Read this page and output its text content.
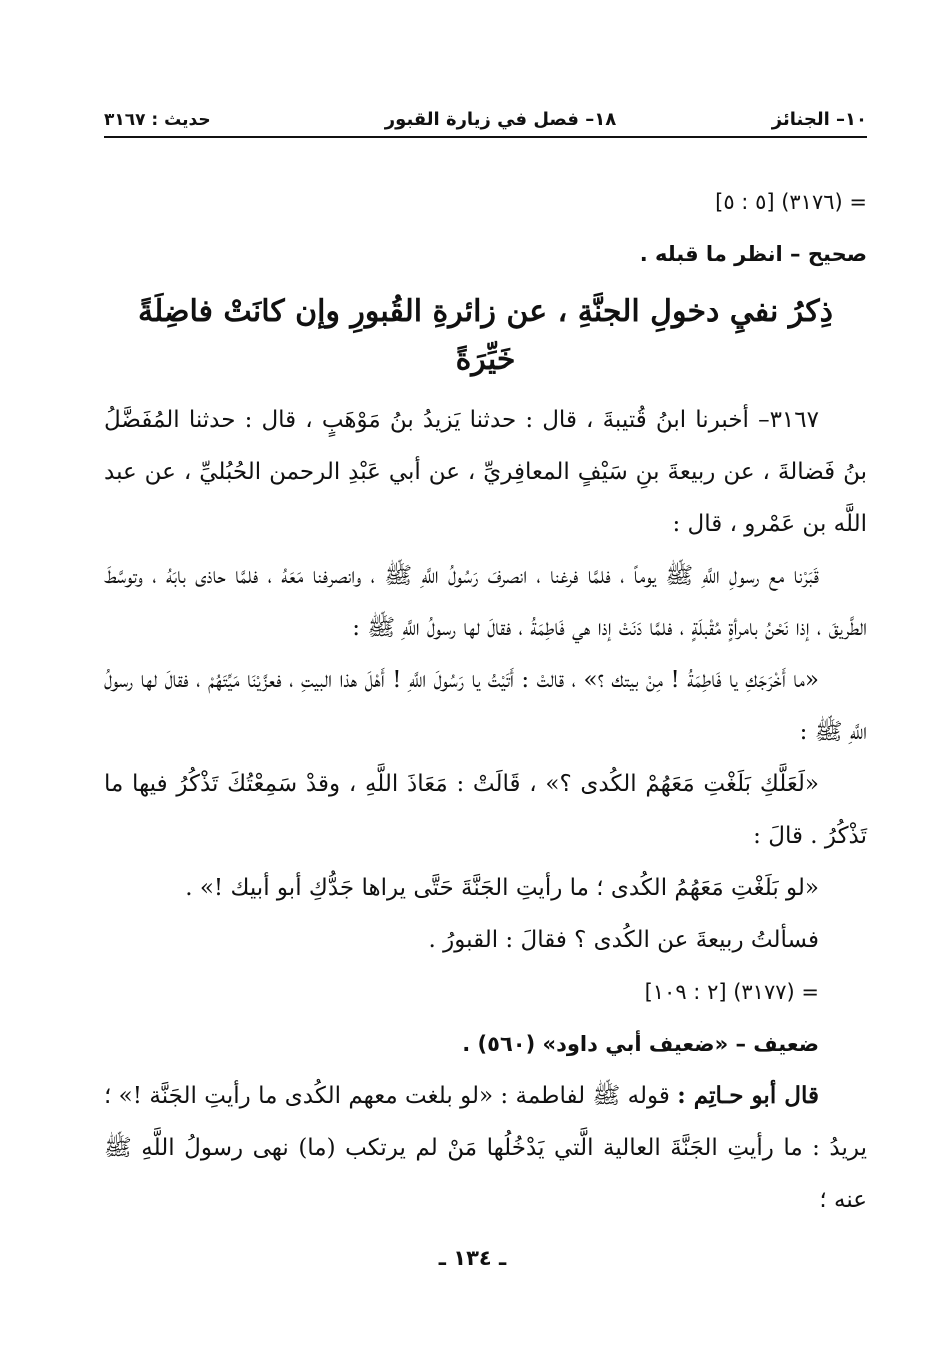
١٠– الجنائز
١٨– فصل في زيارة القبور
حديث : ٣١٦٧

= (٣١٧٦) [٥ : ٥]

صحيح – انظر ما قبله .

ذِكرُ نفيِ دخولِ الجنَّةِ ، عن زائرةِ القُبورِ وإن كانَتْ فاضِلَةً
خَيِّرَةً

٣١٦٧– أخبرنا ابنُ قُتيبةَ ، قال : حدثنا يَزيدُ بنُ مَوْهَبٍ ، قال : حدثنا المُفَضَّلُ بنُ فَضالةَ ، عن ربيعةَ بنِ سَيْفٍ المعافِريِّ ، عن أبي عَبْدِ الرحمن الحُبُليِّ ، عن عبد اللَّه بن عَمْرو ، قال :

قَبَرْنا مع رسولِ اللَّهِ ﷺ يوماً ، فلمَّا فرغنا ، انصرفَ رَسُولُ اللَّهِ ﷺ ، وانصرفنا مَعَهُ ، فلمَّا حاذى بابَهُ ، وتوسَّطَ الطَّريقَ ، إذا نَحْنُ بامرأةٍ مُقْبلَةٍ ، فلمَّا دَنَتْ إذا هي فَاطِمَةُ ، فقالَ لها رسولُ اللَّهِ ﷺ :

«ما أَخْرَجَكِ يا فَاطِمَةُ ! مِنْ بيتك ؟» ، قالتْ : أَتَيْتُ يا رَسُولَ اللَّهِ ! أَهْلَ هذا البيتِ ، فعزَّيْنَا مَيِّتَهُمْ ، فقالَ لها رسولُ اللَّهِ ﷺ :

«لَعَلَّكِ بَلَغْتِ مَعَهُمْ الكُدى ؟» ، قَالَتْ : مَعَاذَ اللَّهِ ، وقدْ سَمِعْتُكَ تَذْكُرُ فيها ما تَذْكُرُ . قالَ :

«لو بَلَغْتِ مَعَهُمُ الكُدى ؛ ما رأيتِ الجَنَّةَ حَتَّى يراها جَدُّكِ أبو أبيك !» .

فسألتُ ربيعةَ عن الكُدى ؟ فقالَ : القبورُ .

= (٣١٧٧) [٢ : ١٠٩]

ضعيف – «ضعيف أبي داود» (٥٦٠) .

قال أبو حـاتِم : قوله ﷺ لفاطمة : «لو بلغت معهم الكُدى ما رأيتِ الجَنَّة !» ؛ يريدُ : ما رأيتِ الجَنَّةَ العالية الَّتي يَدْخُلُها مَنْ لم يرتكب (ما) نهى رسولُ اللَّهِ ﷺ عنه ؛

ـ ١٣٤ ـ
